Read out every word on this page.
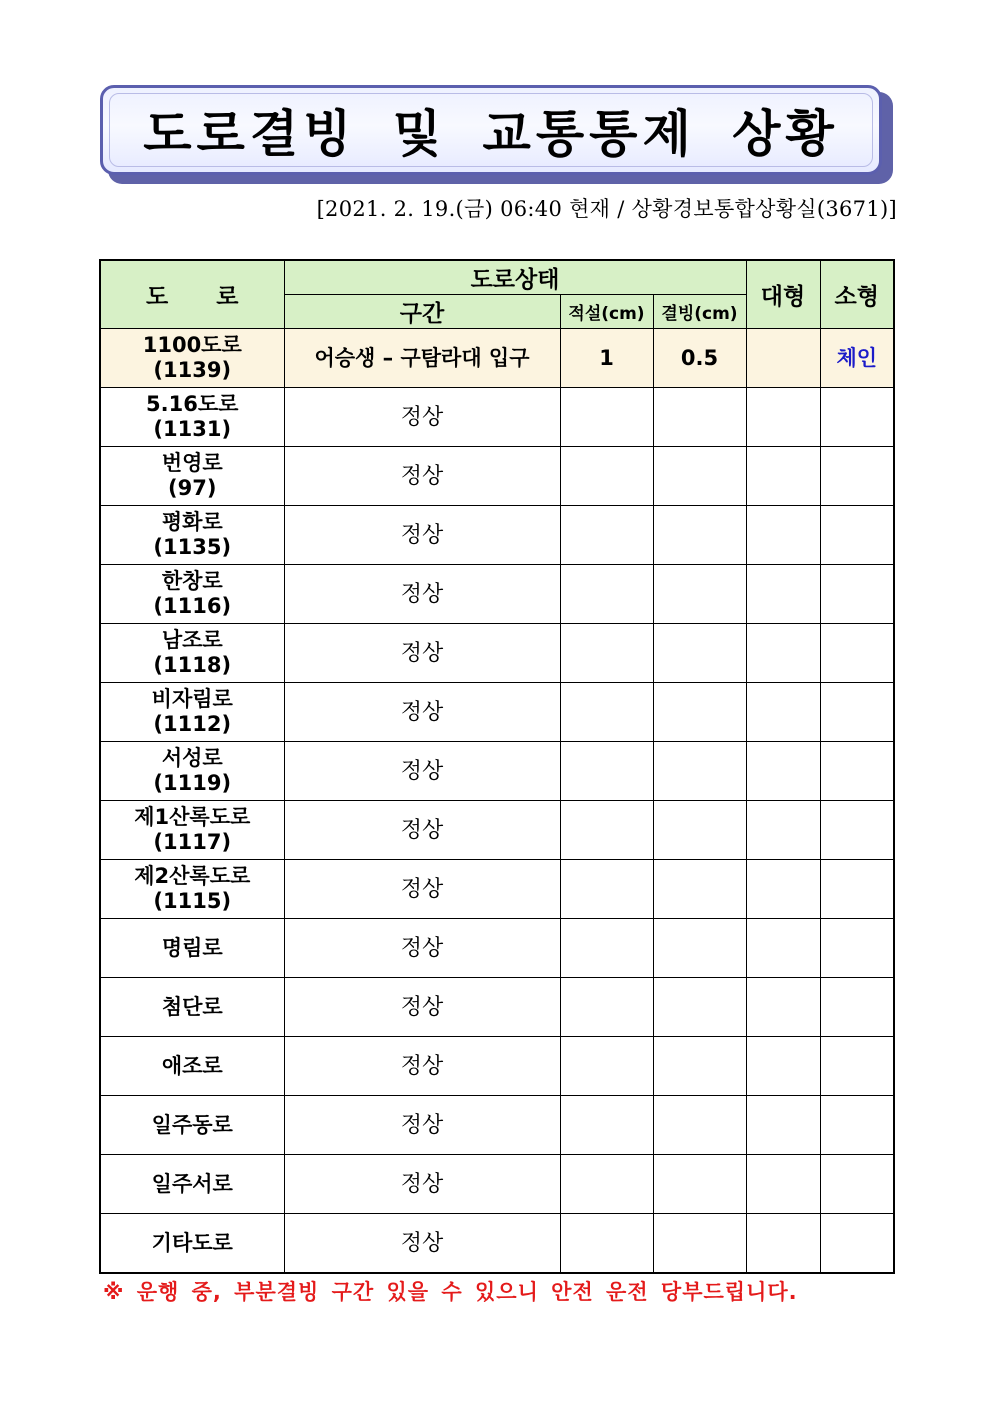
도로결빙 및 교통통제 상황
[2021. 2. 19.(금) 06:40 현재 / 상황경보통합상황실(3671)]
도 로	도로상태			대형	소형
	구간	적설(cm)	결빙(cm)		

1100도로
(1139)	어승생 – 구탐라대 입구	1	0.5		체인

5.16도로
(1131)	정상				

번영로
(97)	정상				

평화로
(1135)	정상				

한창로
(1116)	정상				

남조로
(1118)	정상				

비자림로
(1112)	정상				

서성로
(1119)	정상				

제1산록도로
(1117)	정상				

제2산록도로
(1115)	정상				

명림로	정상				

첨단로	정상				

애조로	정상				

일주동로	정상				

일주서로	정상				

기타도로	정상				
※ 운행 중, 부분결빙 구간 있을 수 있으니 안전 운전 당부드립니다.
